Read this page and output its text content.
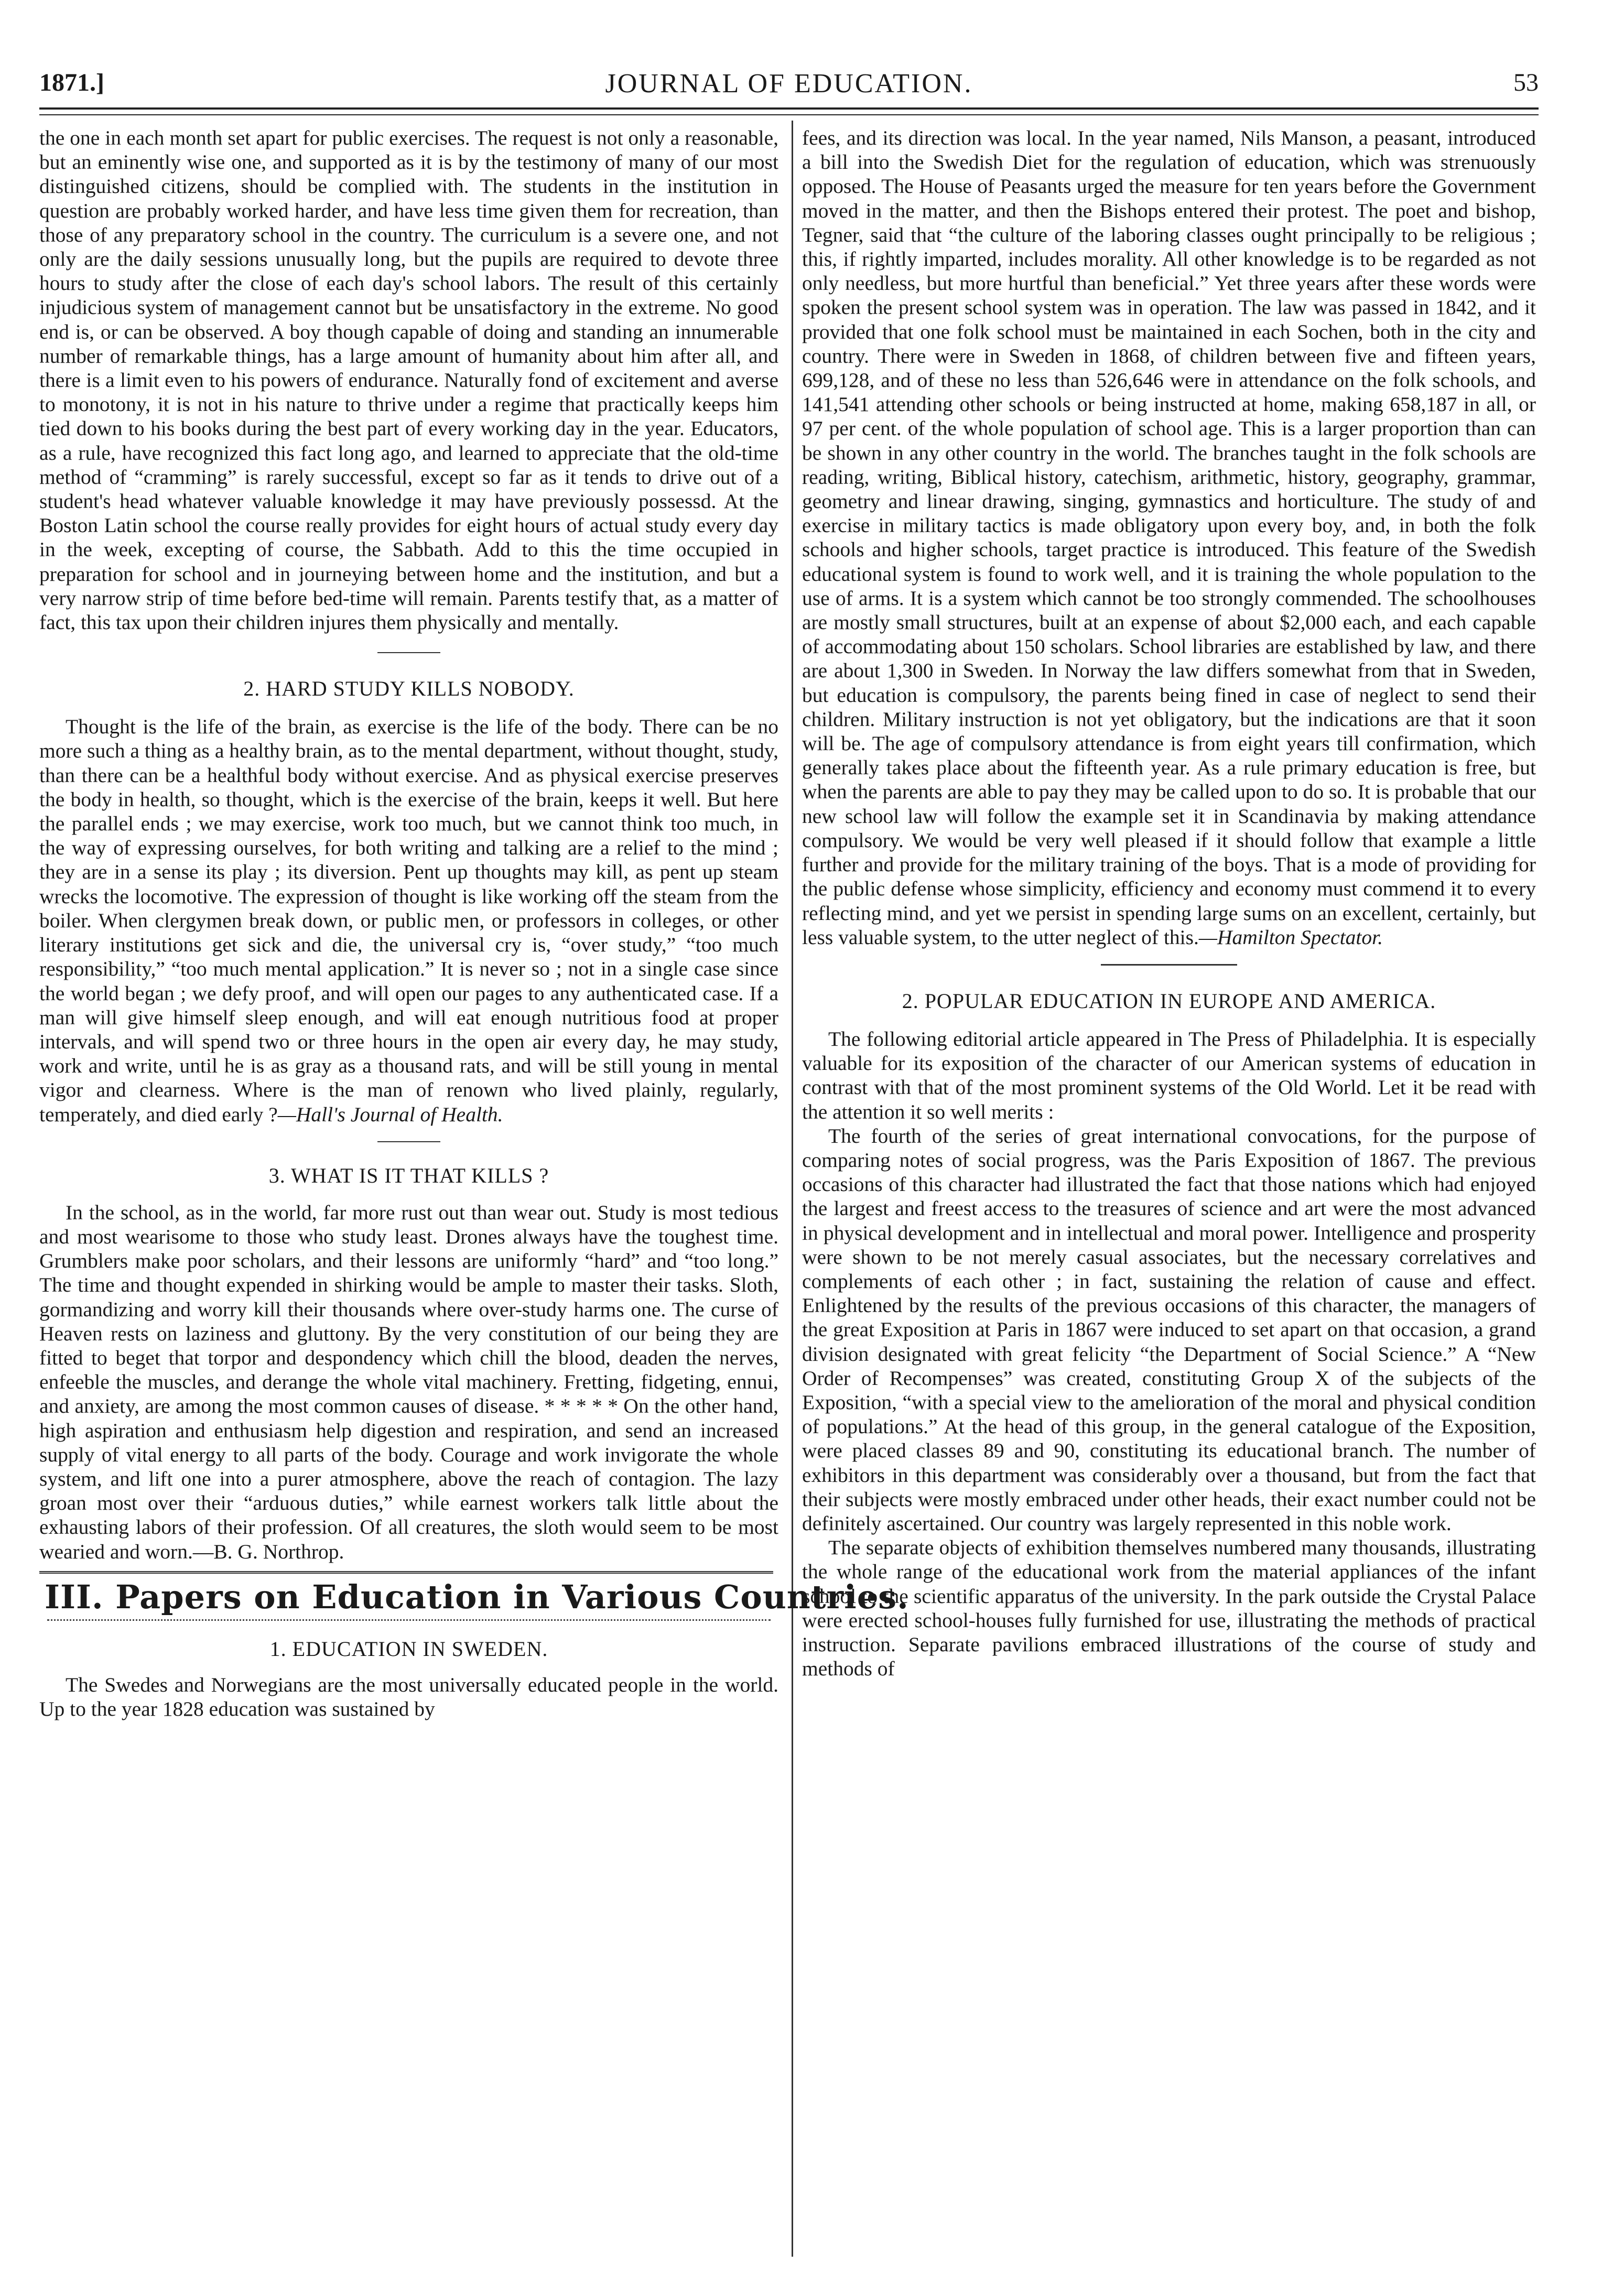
1871.]	JOURNAL OF EDUCATION.	53

the one in each month set apart for public exercises. The request is not only a reasonable, but an eminently wise one, and supported as it is by the testimony of many of our most distinguished citizens, should be complied with. The students in the institution in question are probably worked harder, and have less time given them for recreation, than those of any preparatory school in the country. The curriculum is a severe one, and not only are the daily sessions unusually long, but the pupils are required to devote three hours to study after the close of each day's school labors. The result of this certainly injudicious system of management cannot but be unsatisfactory in the extreme. No good end is, or can be observed. A boy though capable of doing and standing an innumerable number of remarkable things, has a large amount of humanity about him after all, and there is a limit even to his powers of endurance. Naturally fond of excitement and averse to monotony, it is not in his nature to thrive under a regime that practically keeps him tied down to his books during the best part of every working day in the year. Educators, as a rule, have recognized this fact long ago, and learned to appreciate that the old-time method of “cramming” is rarely successful, except so far as it tends to drive out of a student's head whatever valuable knowledge it may have previously possessd. At the Boston Latin school the course really provides for eight hours of actual study every day in the week, excepting of course, the Sabbath. Add to this the time occupied in preparation for school and in journeying between home and the institution, and but a very narrow strip of time before bed-time will remain. Parents testify that, as a matter of fact, this tax upon their children injures them physically and mentally.

2. HARD STUDY KILLS NOBODY.

Thought is the life of the brain, as exercise is the life of the body. There can be no more such a thing as a healthy brain, as to the mental department, without thought, study, than there can be a healthful body without exercise. And as physical exercise preserves the body in health, so thought, which is the exercise of the brain, keeps it well. But here the parallel ends ; we may exercise, work too much, but we cannot think too much, in the way of expressing ourselves, for both writing and talking are a relief to the mind ; they are in a sense its play ; its diversion. Pent up thoughts may kill, as pent up steam wrecks the locomotive. The expression of thought is like working off the steam from the boiler. When clergymen break down, or public men, or professors in colleges, or other literary institutions get sick and die, the universal cry is, “over study,” “too much responsibility,” “too much mental application.” It is never so ; not in a single case since the world began ; we defy proof, and will open our pages to any authenticated case. If a man will give himself sleep enough, and will eat enough nutritious food at proper intervals, and will spend two or three hours in the open air every day, he may study, work and write, until he is as gray as a thousand rats, and will be still young in mental vigor and clearness. Where is the man of renown who lived plainly, regularly, temperately, and died early ?—Hall's Journal of Health.

3. WHAT IS IT THAT KILLS ?

In the school, as in the world, far more rust out than wear out. Study is most tedious and most wearisome to those who study least. Drones always have the toughest time. Grumblers make poor scholars, and their lessons are uniformly “hard” and “too long.” The time and thought expended in shirking would be ample to master their tasks. Sloth, gormandizing and worry kill their thousands where over-study harms one. The curse of Heaven rests on laziness and gluttony. By the very constitution of our being they are fitted to beget that torpor and despondency which chill the blood, deaden the nerves, enfeeble the muscles, and derange the whole vital machinery. Fretting, fidgeting, ennui, and anxiety, are among the most common causes of disease. * * * * * On the other hand, high aspiration and enthusiasm help digestion and respiration, and send an increased supply of vital energy to all parts of the body. Courage and work invigorate the whole system, and lift one into a purer atmosphere, above the reach of contagion. The lazy groan most over their “arduous duties,” while earnest workers talk little about the exhausting labors of their profession. Of all creatures, the sloth would seem to be most wearied and worn.—B. G. Northrop.

III. Papers on Education in Various Countries.

1. EDUCATION IN SWEDEN.

The Swedes and Norwegians are the most universally educated people in the world. Up to the year 1828 education was sustained by

fees, and its direction was local. In the year named, Nils Manson, a peasant, introduced a bill into the Swedish Diet for the regulation of education, which was strenuously opposed. The House of Peasants urged the measure for ten years before the Government moved in the matter, and then the Bishops entered their protest. The poet and bishop, Tegner, said that “the culture of the laboring classes ought principally to be religious ; this, if rightly imparted, includes morality. All other knowledge is to be regarded as not only needless, but more hurtful than beneficial.” Yet three years after these words were spoken the present school system was in operation. The law was passed in 1842, and it provided that one folk school must be maintained in each Sochen, both in the city and country. There were in Sweden in 1868, of children between five and fifteen years, 699,128, and of these no less than 526,646 were in attendance on the folk schools, and 141,541 attending other schools or being instructed at home, making 658,187 in all, or 97 per cent. of the whole population of school age. This is a larger proportion than can be shown in any other country in the world. The branches taught in the folk schools are reading, writing, Biblical history, catechism, arithmetic, history, geography, grammar, geometry and linear drawing, singing, gymnastics and horticulture. The study of and exercise in military tactics is made obligatory upon every boy, and, in both the folk schools and higher schools, target practice is introduced. This feature of the Swedish educational system is found to work well, and it is training the whole population to the use of arms. It is a system which cannot be too strongly commended. The schoolhouses are mostly small structures, built at an expense of about $2,000 each, and each capable of accommodating about 150 scholars. School libraries are established by law, and there are about 1,300 in Sweden. In Norway the law differs somewhat from that in Sweden, but education is compulsory, the parents being fined in case of neglect to send their children. Military instruction is not yet obligatory, but the indications are that it soon will be. The age of compulsory attendance is from eight years till confirmation, which generally takes place about the fifteenth year. As a rule primary education is free, but when the parents are able to pay they may be called upon to do so. It is probable that our new school law will follow the example set it in Scandinavia by making attendance compulsory. We would be very well pleased if it should follow that example a little further and provide for the military training of the boys. That is a mode of providing for the public defense whose simplicity, efficiency and economy must commend it to every reflecting mind, and yet we persist in spending large sums on an excellent, certainly, but less valuable system, to the utter neglect of this.—Hamilton Spectator.

2. POPULAR EDUCATION IN EUROPE AND AMERICA.

The following editorial article appeared in The Press of Philadelphia. It is especially valuable for its exposition of the character of our American systems of education in contrast with that of the most prominent systems of the Old World. Let it be read with the attention it so well merits :

The fourth of the series of great international convocations, for the purpose of comparing notes of social progress, was the Paris Exposition of 1867. The previous occasions of this character had illustrated the fact that those nations which had enjoyed the largest and freest access to the treasures of science and art were the most advanced in physical development and in intellectual and moral power. Intelligence and prosperity were shown to be not merely casual associates, but the necessary correlatives and complements of each other ; in fact, sustaining the relation of cause and effect. Enlightened by the results of the previous occasions of this character, the managers of the great Exposition at Paris in 1867 were induced to set apart on that occasion, a grand division designated with great felicity “the Department of Social Science.” A “New Order of Recompenses” was created, constituting Group X of the subjects of the Exposition, “with a special view to the amelioration of the moral and physical condition of populations.” At the head of this group, in the general catalogue of the Exposition, were placed classes 89 and 90, constituting its educational branch. The number of exhibitors in this department was considerably over a thousand, but from the fact that their subjects were mostly embraced under other heads, their exact number could not be definitely ascertained. Our country was largely represented in this noble work.

The separate objects of exhibition themselves numbered many thousands, illustrating the whole range of the educational work from the material appliances of the infant school to the scientific apparatus of the university. In the park outside the Crystal Palace were erected school-houses fully furnished for use, illustrating the methods of practical instruction. Separate pavilions embraced illustrations of the course of study and methods of
